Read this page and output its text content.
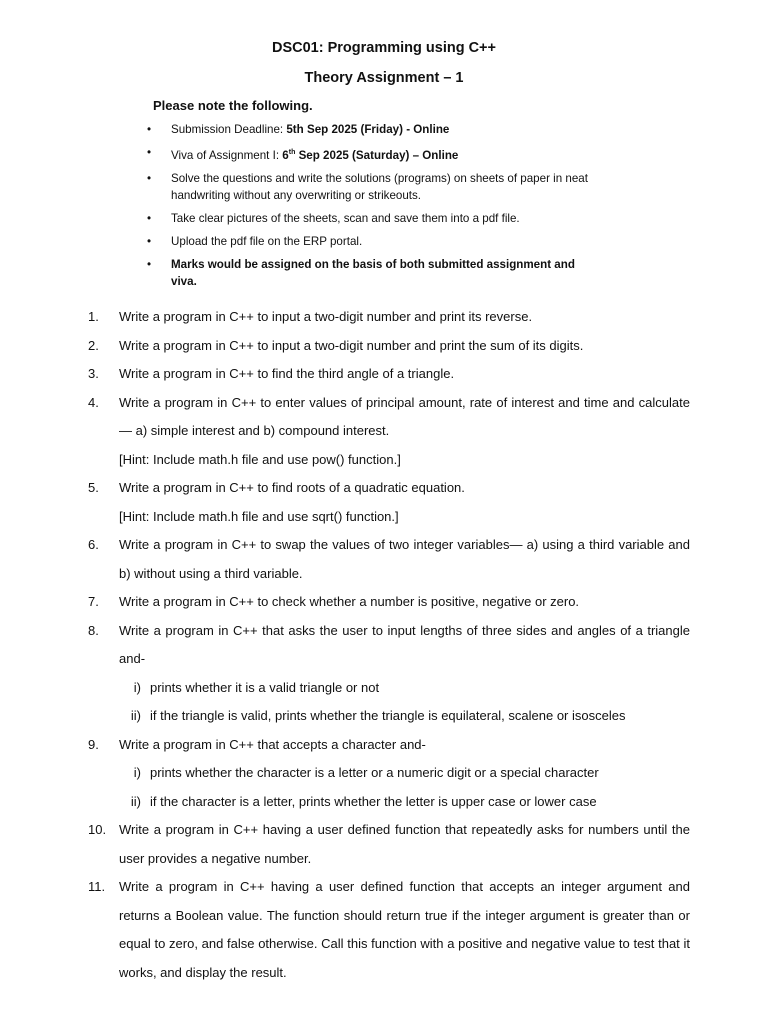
DSC01: Programming using C++
Theory Assignment – 1
Please note the following.
• Submission Deadline: 5th Sep 2025 (Friday) - Online
• Viva of Assignment I: 6th Sep 2025 (Saturday) – Online
• Solve the questions and write the solutions (programs) on sheets of paper in neat handwriting without any overwriting or strikeouts.
• Take clear pictures of the sheets, scan and save them into a pdf file.
• Upload the pdf file on the ERP portal.
• Marks would be assigned on the basis of both submitted assignment and viva.
1. Write a program in C++ to input a two-digit number and print its reverse.
2. Write a program in C++ to input a two-digit number and print the sum of its digits.
3. Write a program in C++ to find the third angle of a triangle.
4. Write a program in C++ to enter values of principal amount, rate of interest and time and calculate— a) simple interest and b) compound interest.
[Hint: Include math.h file and use pow() function.]
5. Write a program in C++ to find roots of a quadratic equation.
[Hint: Include math.h file and use sqrt() function.]
6. Write a program in C++ to swap the values of two integer variables— a) using a third variable and b) without using a third variable.
7. Write a program in C++ to check whether a number is positive, negative or zero.
8. Write a program in C++ that asks the user to input lengths of three sides and angles of a triangle and-
i) prints whether it is a valid triangle or not
ii) if the triangle is valid, prints whether the triangle is equilateral, scalene or isosceles
9. Write a program in C++ that accepts a character and-
i) prints whether the character is a letter or a numeric digit or a special character
ii) if the character is a letter, prints whether the letter is upper case or lower case
10. Write a program in C++ having a user defined function that repeatedly asks for numbers until the user provides a negative number.
11. Write a program in C++ having a user defined function that accepts an integer argument and returns a Boolean value. The function should return true if the integer argument is greater than or equal to zero, and false otherwise. Call this function with a positive and negative value to test that it works, and display the result.
